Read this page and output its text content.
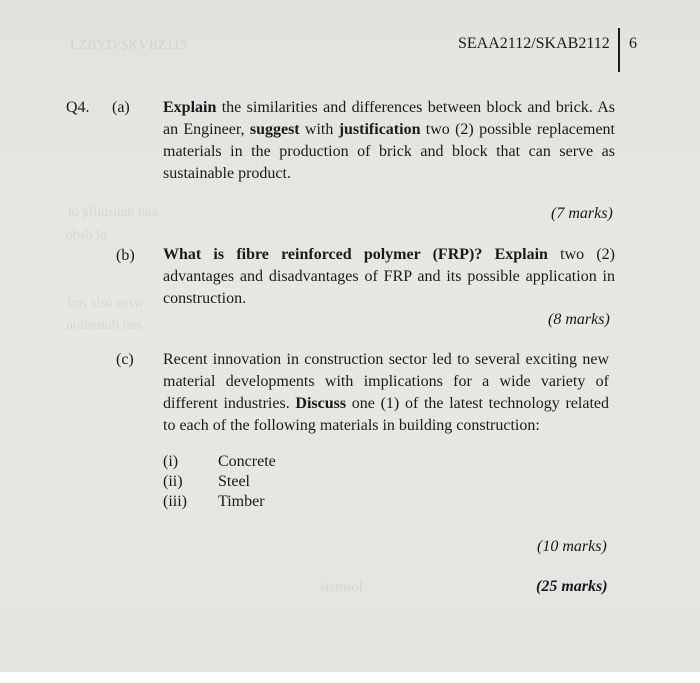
LZBYD/SKVBZ115
lo yilidsnub bns
obsb lo
bns slso nssw
noinemib bns
siemsol
SEAA2112/SKAB2112 6
Q4. (a) Explain the similarities and differences between block and brick. As an Engineer, suggest with justification two (2) possible replacement materials in the production of brick and block that can serve as sustainable product.
(7 marks)
(b) What is fibre reinforced polymer (FRP)? Explain two (2) advantages and disadvantages of FRP and its possible application in construction.
(8 marks)
(c) Recent innovation in construction sector led to several exciting new material developments with implications for a wide variety of different industries. Discuss one (1) of the latest technology related to each of the following materials in building construction:
(i) Concrete
(ii) Steel
(iii) Timber
(10 marks)
(25 marks)
